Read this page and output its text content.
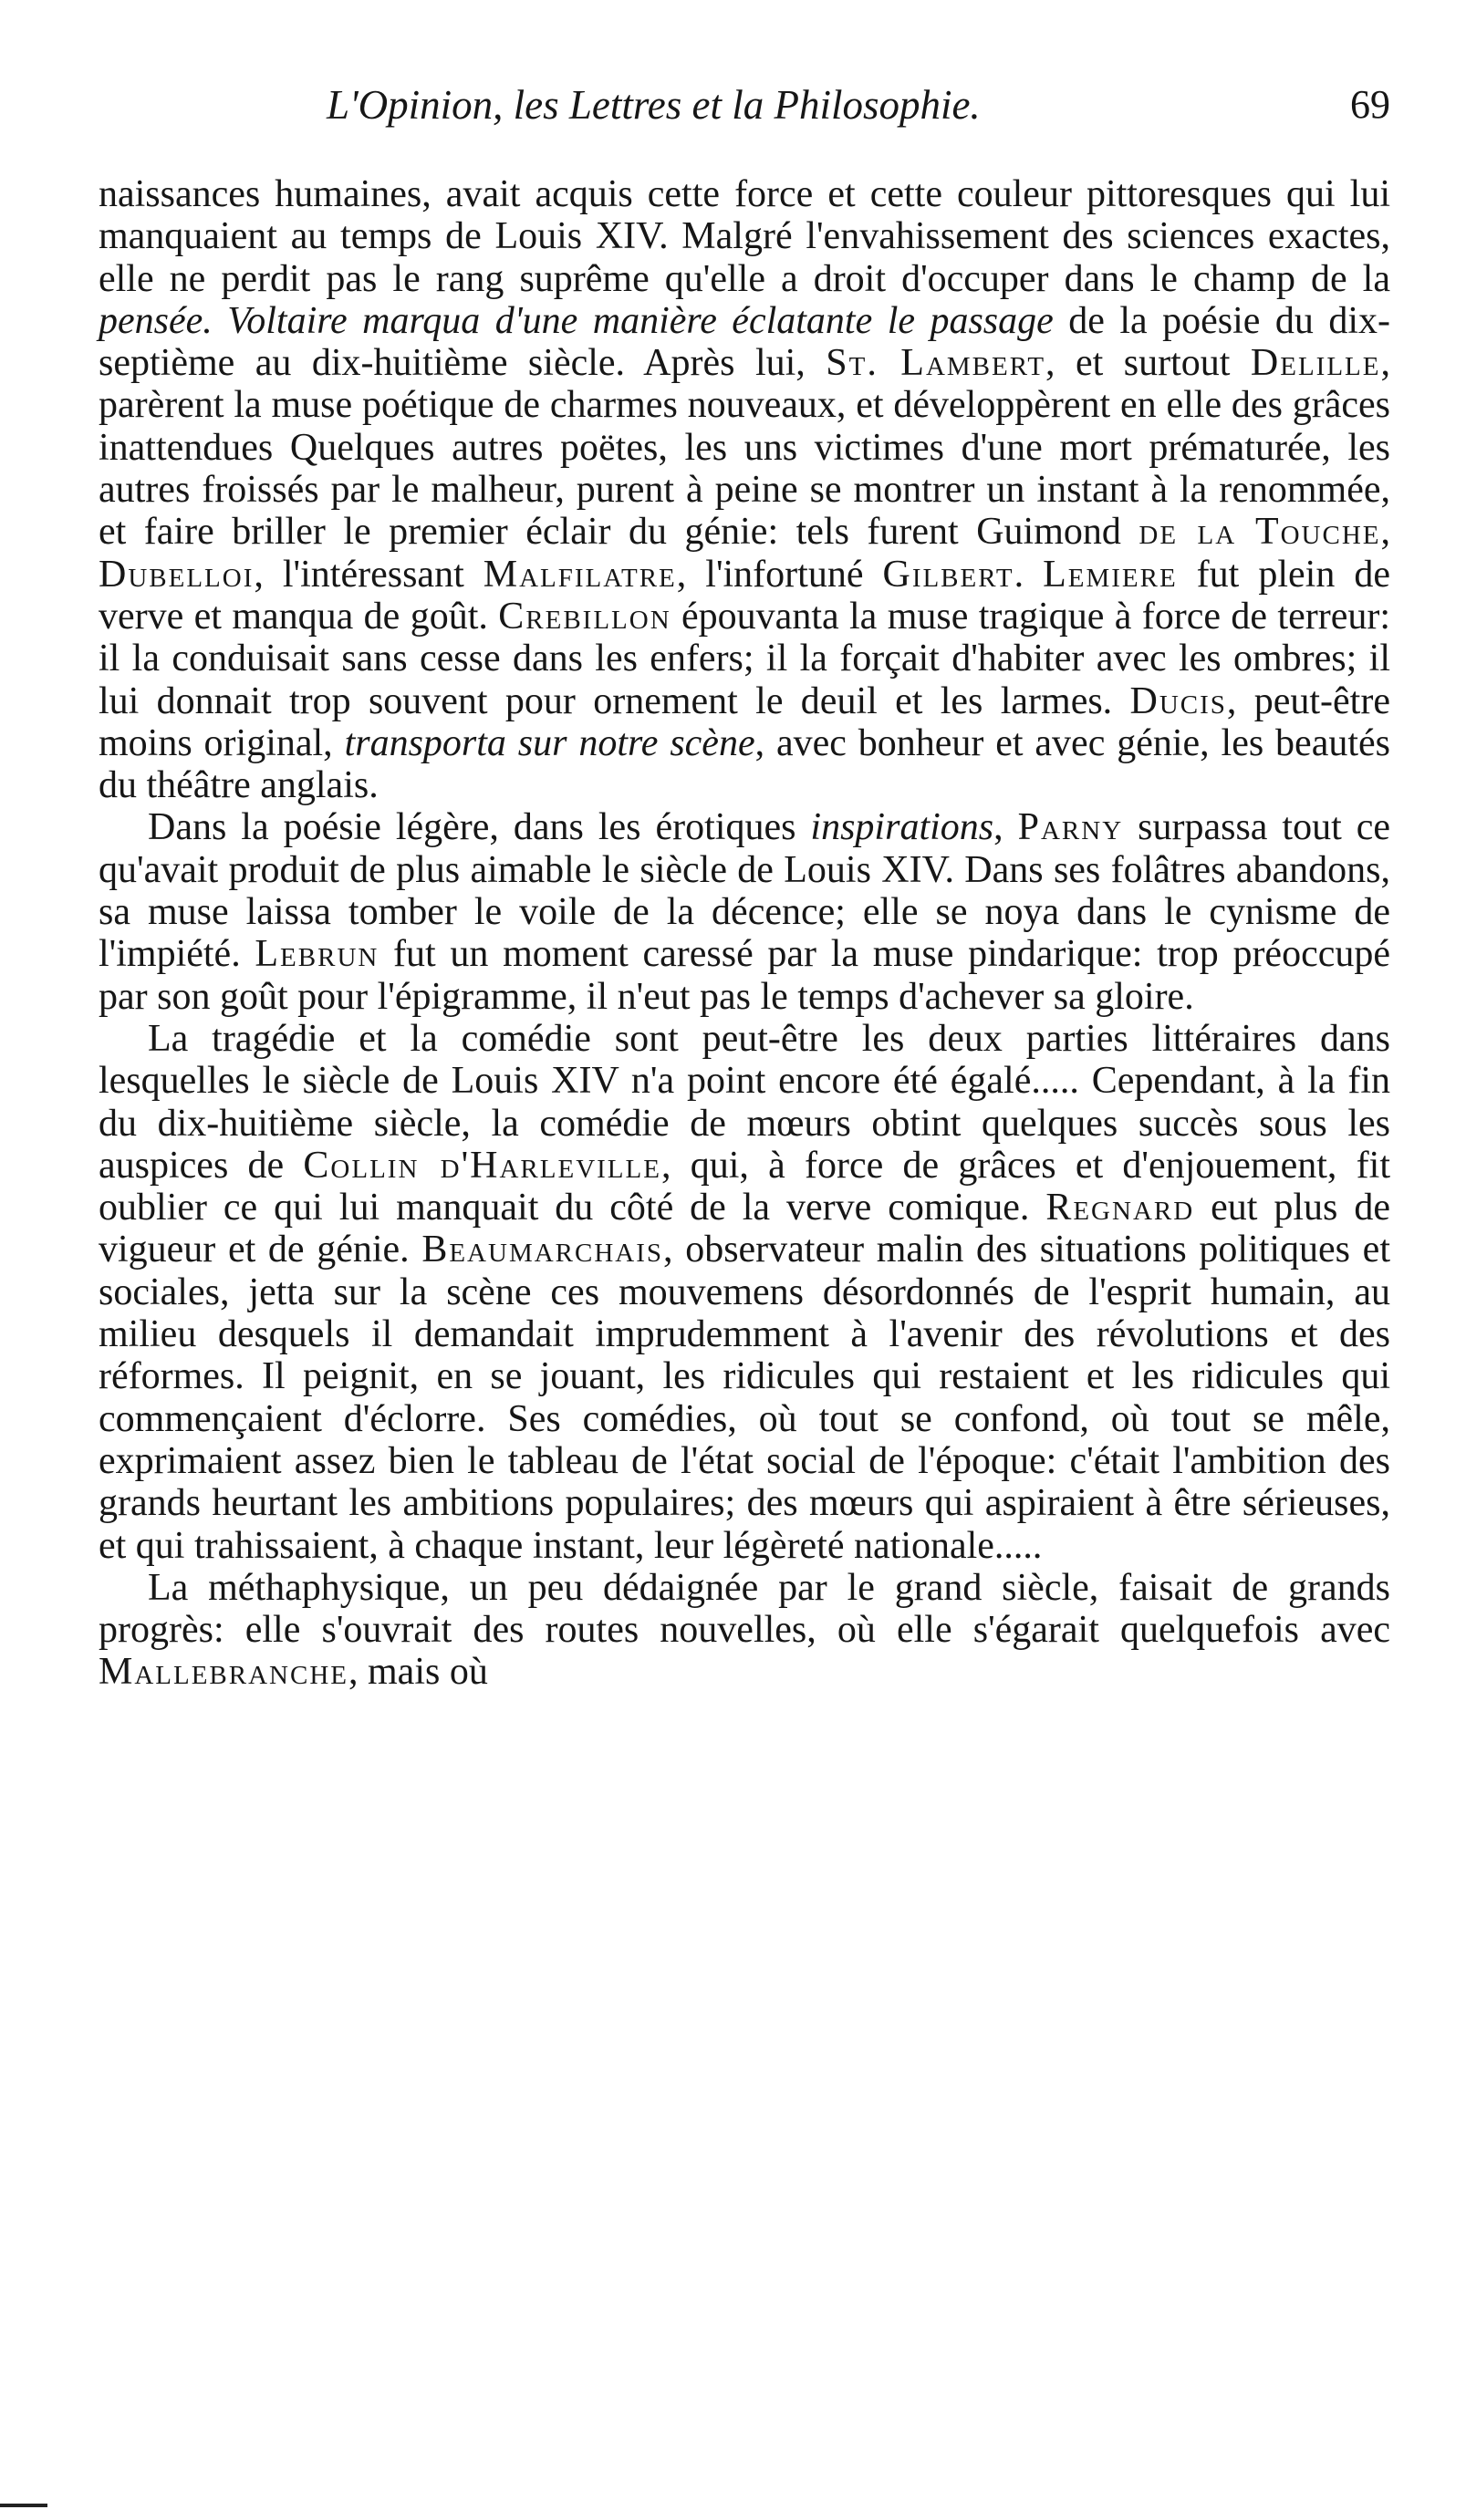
L'Opinion, les Lettres et la Philosophie.	69

naissances humaines, avait acquis cette force et cette couleur pittoresques qui lui manquaient au temps de Louis XIV. Malgré l'envahissement des sciences exactes, elle ne perdit pas le rang suprême qu'elle a droit d'occuper dans le champ de la pensée. Voltaire marqua d'une manière éclatante le passage de la poésie du dix-septième au dix-huitième siècle. Après lui, St. Lambert, et surtout Delille, parèrent la muse poétique de charmes nouveaux, et développèrent en elle des grâces inattendues Quelques autres poëtes, les uns victimes d'une mort prématurée, les autres froissés par le malheur, purent à peine se montrer un instant à la renommée, et faire briller le premier éclair du génie: tels furent Guimond de la Touche, Dubelloi, l'intéressant Malfilatre, l'infortuné Gilbert. Lemiere fut plein de verve et manqua de goût. Crebillon épouvanta la muse tragique à force de terreur: il la conduisait sans cesse dans les enfers; il la forçait d'habiter avec les ombres; il lui donnait trop souvent pour ornement le deuil et les larmes. Ducis, peut-être moins original, transporta sur notre scène, avec bonheur et avec génie, les beautés du théâtre anglais.

Dans la poésie légère, dans les érotiques inspirations, Parny surpassa tout ce qu'avait produit de plus aimable le siècle de Louis XIV. Dans ses folâtres abandons, sa muse laissa tomber le voile de la décence; elle se noya dans le cynisme de l'impiété. Lebrun fut un moment caressé par la muse pindarique: trop préoccupé par son goût pour l'épigramme, il n'eut pas le temps d'achever sa gloire.

La tragédie et la comédie sont peut-être les deux parties littéraires dans lesquelles le siècle de Louis XIV n'a point encore été égalé..... Cependant, à la fin du dix-huitième siècle, la comédie de mœurs obtint quelques succès sous les auspices de Collin d'Harleville, qui, à force de grâces et d'enjouement, fit oublier ce qui lui manquait du côté de la verve comique. Regnard eut plus de vigueur et de génie. Beaumarchais, observateur malin des situations politiques et sociales, jetta sur la scène ces mouvemens désordonnés de l'esprit humain, au milieu desquels il demandait imprudemment à l'avenir des révolutions et des réformes. Il peignit, en se jouant, les ridicules qui restaient et les ridicules qui commençaient d'éclorre. Ses comédies, où tout se confond, où tout se mêle, exprimaient assez bien le tableau de l'état social de l'époque: c'était l'ambition des grands heurtant les ambitions populaires; des mœurs qui aspiraient à être sérieuses, et qui trahissaient, à chaque instant, leur légèreté nationale.....

La méthaphysique, un peu dédaignée par le grand siècle, faisait de grands progrès: elle s'ouvrait des routes nouvelles, où elle s'égarait quelquefois avec Mallebranche, mais où
